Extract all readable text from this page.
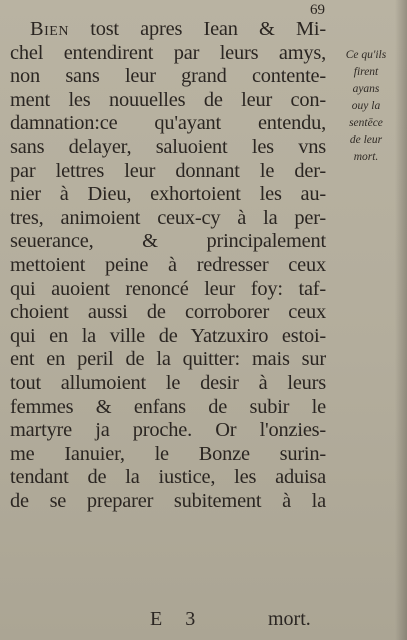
69
Bien tost apres Iean & Mi-
chel entendirent par leurs amys,
non sans leur grand contente-
ment les nouuelles de leur con-
damnation:ce qu'ayant entendu,
sans delayer, saluoient les vns
par lettres leur donnant le der-
nier à Dieu, exhortoient les au-
tres, animoient ceux-cy à la per-
seuerance, & principalement
mettoient peine à redresser ceux
qui auoient renoncé leur foy: taf-
choient aussi de corroborer ceux
qui en la ville de Yatzuxiro estoi-
ent en peril de la quitter: mais sur
tout allumoient le desir à leurs
femmes & enfans de subir le
martyre ja proche. Or l'onzies-
me Ianuier, le Bonze surin-
tendant de la iustice, les aduisa
de se preparer subitement à la
Ce qu'ils
firent
ayans
ouy la
sentēce
de leur
mort.
E 3	mort.
